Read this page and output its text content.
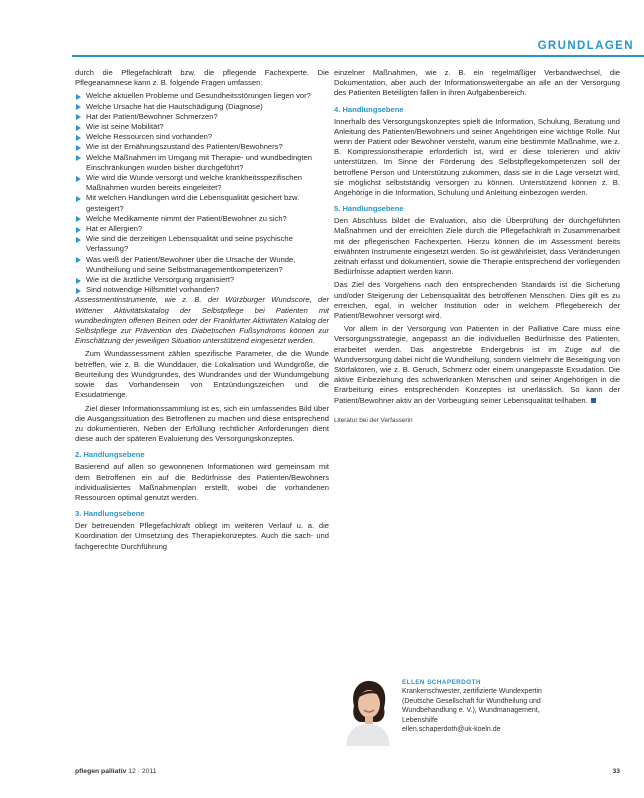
GRUNDLAGEN

durch die Pflegefachkraft bzw. die pflegende Fachexperte. Die Pflegeanamnese kann z. B. folgende Fragen umfassen:

Welche aktuellen Probleme und Gesundheitsstörungen liegen vor?
Welche Ursache hat die Hautschädigung (Diagnose)
Hat der Patient/Bewohner Schmerzen?
Wie ist seine Mobilität?
Welche Ressourcen sind vorhanden?
Wie ist der Ernährungszustand des Patienten/Bewohners?
Welche Maßnahmen im Umgang mit Therapie- und wundbedingten Einschränkungen wurden bisher durchgeführt?
Wie wird die Wunde versorgt und welche krankheitsspezifischen Maßnahmen wurden bereits eingeleitet?
Mit welchen Handlungen wird die Lebensqualität gesichert bzw. gesteigert?
Welche Medikamente nimmt der Patient/Bewohner zu sich?
Hat er Allergien?
Wie sind die derzeitigen Lebensqualität und seine psychische Verfassung?
Was weiß der Patient/Bewohner über die Ursache der Wunde, Wundheilung und seine Selbstmanagementkompetenzen?
Wie ist die ärztliche Versorgung organisiert?
Sind notwendige Hilfsmittel vorhanden?

Assessmentinstrumente, wie z. B. der Würzburger Wundscore, der Wittener Aktivitätskatalog der Selbstpflege bei Patienten mit wundbedingten offenen Beinen oder der Frankfurter Aktivitäten Katalog der Selbstpflege zur Prävention des Diabetischen Fußsyndroms können zur Einschätzung der jeweiligen Situation unterstützend eingesetzt werden.

Zum Wundassessment zählen spezifische Parameter, die die Wunde betreffen, wie z. B. die Wunddauer, die Lokalisation und Wundgröße, die Beurteilung des Wundgrundes, des Wundrandes und der Wundumgebung sowie das Vorhandensein von Entzündungszeichen und die Exsudatmenge.

Ziel dieser Informationssammlung ist es, sich ein umfassendes Bild über die Ausgangssituation des Betroffenen zu machen und diese entsprechend zu dokumentieren. Neben der Erfüllung rechtlicher Anforderungen dient diese auch der späteren Evaluierung des Versorgungskonzeptes.

2. Handlungsebene

Basierend auf allen so gewonnenen Informationen wird gemeinsam mit dem Betroffenen ein auf die Bedürfnisse des Patienten/Bewohners individualisiertes Maßnahmenplan erstellt, wobei die vorhandenen Ressourcen optimal genutzt werden.

3. Handlungsebene

Der betreuenden Pflegefachkraft obliegt im weiteren Verlauf u. a. die Koordination der Umsetzung des Therapiekonzeptes. Auch die sach- und fachgerechte Durchführung

einzelner Maßnahmen, wie z. B. ein regelmäßiger Verbandwechsel, die Dokumentation, aber auch der Informationsweitergabe an alle an der Versorgung des Patienten Beteiligten fallen in ihren Aufgabenbereich.

4. Handlungsebene

Innerhalb des Versorgungskonzeptes spielt die Information, Schulung, Beratung und Anleitung des Patienten/Bewohners und seiner Angehörigen eine wichtige Rolle. Nur wenn der Patient oder Bewohner versteht, warum eine bestimmte Maßnahme, wie z. B. Kompressionstherapie erforderlich ist, wird er diese tolerieren und aktiv unterstützen. Im Sinne der Förderung des Selbstpflegekompetenzen soll der betroffene Person und Unterstützung zukommen, dass sie in die Lage versetzt wird, sie möglichst selbstständig versorgen zu können. Unterstützend können z. B. Angehörige in die Information, Schulung und Anleitung einbezogen werden.

5. Handlungsebene

Den Abschluss bildet die Evaluation, also die Überprüfung der durchgeführten Maßnahmen und der erreichten Ziele durch die Pflegefachkraft in Zusammenarbeit mit der pflegerischen Fachexperten. Hierzu können die im Assessment bereits erwähnten Instrumente eingesetzt werden. So ist gewährleistet, dass Veränderungen zeitnah erfasst und dokumentiert, sowie die Therapie entsprechend der vorliegenden Bedürfnisse adaptiert werden kann.

Das Ziel des Vorgehens nach den entsprechenden Standards ist die Sicherung und/oder Steigerung der Lebensqualität des betroffenen Menschen. Dies gilt es zu erreichen, egal, in welcher Institution oder in welchem Pflegebereich der Patient/Bewohner versorgt wird.

Vor allem in der Versorgung von Patienten in der Palliative Care muss eine Versorgungsstrategie, angepasst an die individuellen Bedürfnisse des Patienten, erarbeitet werden. Das angestrebte Endergebnis ist im Zuge auf die Wundversorgung dabei nicht die Wundheilung, sondern vielmehr die Beseitigung von Störfaktoren, wie z. B. Geruch, Schmerz oder einem unangepasste Exsudation. Die aktive Einbeziehung des schwerkranken Menschen und seiner Angehörigen in die Erarbeitung eines entsprechenden Konzeptes ist unerlässlich. So kann der Patient/Bewohner aktiv an der Vorbeugung seiner Lebensqualität teilhaben.

Literatur bei der Verfasserin
ELLEN SCHAPERDOTH
Krankenschwester, zertifizierte Wundexpertin
(Deutsche Gesellschaft für Wundheilung und
Wundbehandlung e. V.), Wundmanagement,
Lebenshilfe
ellen.schaperdoth@uk-koeln.de
pflegen palliativ 12 · 2011	33
